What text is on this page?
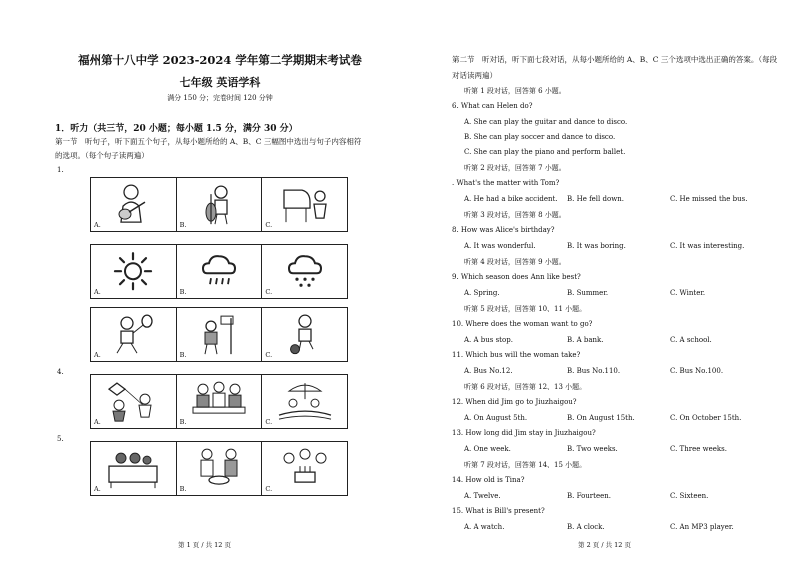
福州第十八中学 2023-2024 学年第二学期期末考试卷
七年级 英语学科
满分 150 分；完卷时间 120 分钟
1．听力（共三节，20 小题；每小题 1.5 分，满分 30 分）
第一节　听句子，听下面五个句子，从每小题所给的 A、B、C 三幅图中选出与句子内容相符的选项。（每个句子读两遍）
1.
4.
5.
A.	B.	C.
A.	B.	C.
A.	B.	C.
A.	B.	C.
A.	B.	C.
第 1 页 / 共 12 页
第二节　听对话，听下面七段对话，从每小题所给的 A、B、C 三个选项中选出正确的答案。（每段对话读两遍）
听第 1 段对话，回答第 6 小题。
6. What can Helen do?
A. She can play the guitar and dance to disco.
B. She can play soccer and dance to disco.
C. She can play the piano and perform ballet.
听第 2 段对话，回答第 7 小题。
. What's the matter with Tom?
A. He had a bike accident. B. He fell down.	C. He missed the bus.
听第 3 段对话，回答第 8 小题。
8. How was Alice's birthday?
A. It was wonderful.	B. It was boring.	C. It was interesting.
听第 4 段对话，回答第 9 小题。
9. Which season does Ann like best?
A. Spring.	B. Summer.	C. Winter.
听第 5 段对话，回答第 10、11 小题。
10. Where does the woman want to go?
A. A bus stop.	B. A bank.	C. A school.
11. Which bus will the woman take?
A. Bus No.12.	B. Bus No.110.	C. Bus No.100.
听第 6 段对话，回答第 12、13 小题。
12. When did Jim go to Jiuzhaigou?
A. On August 5th.	B. On August 15th.	C. On October 15th.
13. How long did Jim stay in Jiuzhaigou?
A. One week.	B. Two weeks.	C. Three weeks.
听第 7 段对话，回答第 14、15 小题。
14. How old is Tina?
A. Twelve.	B. Fourteen.	C. Sixteen.
15. What is Bill's present?
A. A watch.	B. A clock.	C. An MP3 player.
第 2 页 / 共 12 页
